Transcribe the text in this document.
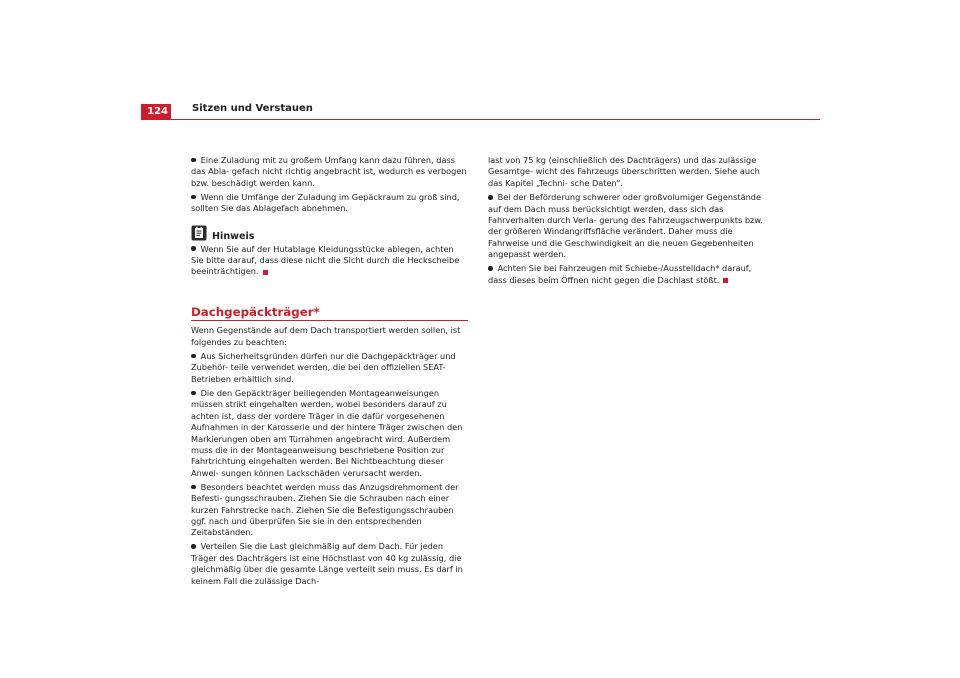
124	Sitzen und Verstauen

Eine Zuladung mit zu großem Umfang kann dazu führen, dass das Abla- gefach nicht richtig angebracht ist, wodurch es verbogen bzw. beschädigt werden kann.

Wenn die Umfänge der Zuladung im Gepäckraum zu groß sind, sollten Sie das Ablagefach abnehmen.

Hinweis

Wenn Sie auf der Hutablage Kleidungsstücke ablegen, achten Sie bitte darauf, dass diese nicht die Sicht durch die Heckscheibe beeinträchtigen.

Dachgepäckträger*

Wenn Gegenstände auf dem Dach transportiert werden sollen, ist folgendes zu beachten:

Aus Sicherheitsgründen dürfen nur die Dachgepäckträger und Zubehör- teile verwendet werden, die bei den offiziellen SEAT-Betrieben erhältlich sind.

Die den Gepäckträger beiliegenden Montageanweisungen müssen strikt eingehalten werden, wobei besonders darauf zu achten ist, dass der vordere Träger in die dafür vorgesehenen Aufnahmen in der Karosserie und der hintere Träger zwischen den Markierungen oben am Türrahmen angebracht wird. Außerdem muss die in der Montageanweisung beschriebene Position zur Fahrtrichtung eingehalten werden. Bei Nichtbeachtung dieser Anwei- sungen können Lackschäden verursacht werden.

Besonders beachtet werden muss das Anzugsdrehmoment der Befesti- gungsschrauben. Ziehen Sie die Schrauben nach einer kurzen Fahrstrecke nach. Ziehen Sie die Befestigungsschrauben ggf. nach und überprüfen Sie sie in den entsprechenden Zeitabständen.

Verteilen Sie die Last gleichmäßig auf dem Dach. Für jeden Träger des Dachträgers ist eine Höchstlast von 40 kg zulässig, die gleichmäßig über die gesamte Länge verteilt sein muss. Es darf in keinem Fall die zulässige Dach-

last von 75 kg (einschließlich des Dachträgers) und das zulässige Gesamtge- wicht des Fahrzeugs überschritten werden. Siehe auch das Kapitel „Techni- sche Daten“.

Bei der Beförderung schwerer oder großvolumiger Gegenstände auf dem Dach muss berücksichtigt werden, dass sich das Fahrverhalten durch Verla- gerung des Fahrzeugschwerpunkts bzw. der größeren Windangriffsfläche verändert. Daher muss die Fahrweise und die Geschwindigkeit an die neuen Gegebenheiten angepasst werden.

Achten Sie bei Fahrzeugen mit Schiebe-/Ausstelldach* darauf, dass dieses beim Öffnen nicht gegen die Dachlast stößt.
